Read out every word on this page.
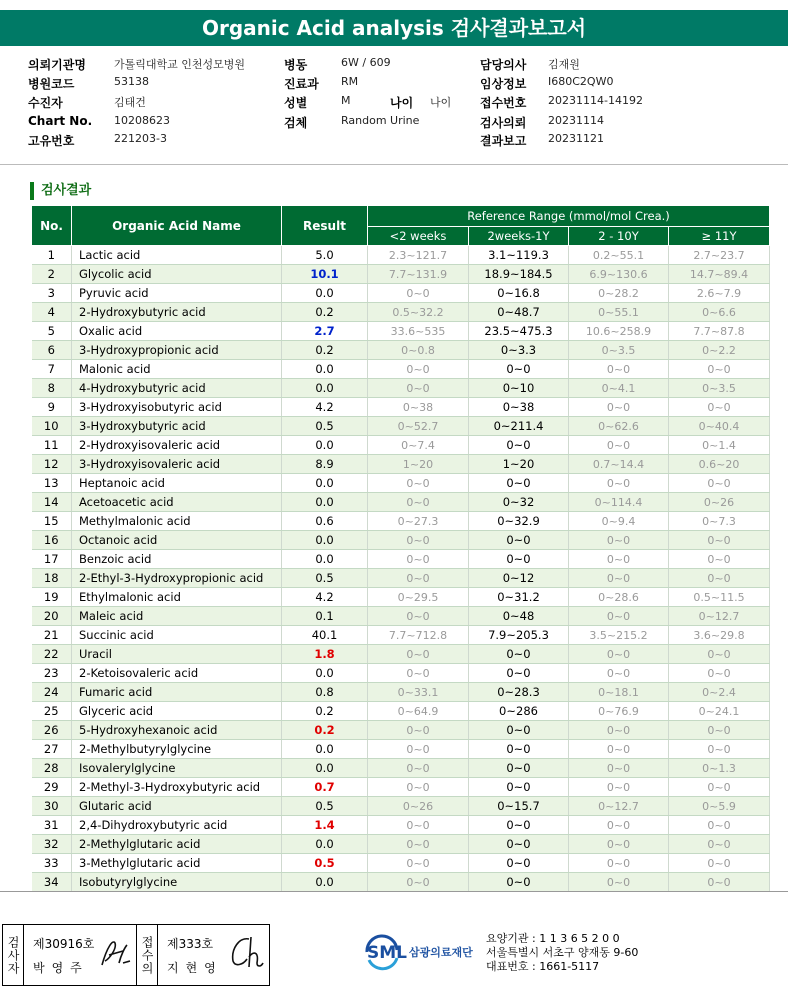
Organic Acid analysis 검사결과보고서
의뢰기관명	가톨릭대학교 인천성모병원	병동	6W / 609	담당의사 김재원
병원코드	53138	진료과 RM	임상정보 I680C2QW0
수진자	김태건	성별	M	나이 나이 접수번호 20231114-14192
Chart No. 10208623	검체	Random Urine	검사의뢰 20231114
고유번호	221203-3	결과보고 20231121
검사결과
No.	Organic Acid Name	Result	Reference Range (mmol/mol Crea.)			
			<2 weeks	2weeks-1Y	2 - 10Y	≥ 11Y
1	Lactic acid	5.0	2.3~121.7	3.1~119.3	0.2~55.1	2.7~23.7
2	Glycolic acid	10.1	7.7~131.9	18.9~184.5	6.9~130.6	14.7~89.4
3	Pyruvic acid	0.0	0~0	0~16.8	0~28.2	2.6~7.9
4	2-Hydroxybutyric acid	0.2	0.5~32.2	0~48.7	0~55.1	0~6.6
5	Oxalic acid	2.7	33.6~535	23.5~475.3	10.6~258.9	7.7~87.8
6	3-Hydroxypropionic acid	0.2	0~0.8	0~3.3	0~3.5	0~2.2
7	Malonic acid	0.0	0~0	0~0	0~0	0~0
8	4-Hydroxybutyric acid	0.0	0~0	0~10	0~4.1	0~3.5
9	3-Hydroxyisobutyric acid	4.2	0~38	0~38	0~0	0~0
10	3-Hydroxybutyric acid	0.5	0~52.7	0~211.4	0~62.6	0~40.4
11	2-Hydroxyisovaleric acid	0.0	0~7.4	0~0	0~0	0~1.4
12	3-Hydroxyisovaleric acid	8.9	1~20	1~20	0.7~14.4	0.6~20
13	Heptanoic acid	0.0	0~0	0~0	0~0	0~0
14	Acetoacetic acid	0.0	0~0	0~32	0~114.4	0~26
15	Methylmalonic acid	0.6	0~27.3	0~32.9	0~9.4	0~7.3
16	Octanoic acid	0.0	0~0	0~0	0~0	0~0
17	Benzoic acid	0.0	0~0	0~0	0~0	0~0
18	2-Ethyl-3-Hydroxypropionic acid	0.5	0~0	0~12	0~0	0~0
19	Ethylmalonic acid	4.2	0~29.5	0~31.2	0~28.6	0.5~11.5
20	Maleic acid	0.1	0~0	0~48	0~0	0~12.7
21	Succinic acid	40.1	7.7~712.8	7.9~205.3	3.5~215.2	3.6~29.8
22	Uracil	1.8	0~0	0~0	0~0	0~0
23	2-Ketoisovaleric acid	0.0	0~0	0~0	0~0	0~0
24	Fumaric acid	0.8	0~33.1	0~28.3	0~18.1	0~2.4
25	Glyceric acid	0.2	0~64.9	0~286	0~76.9	0~24.1
26	5-Hydroxyhexanoic acid	0.2	0~0	0~0	0~0	0~0
27	2-Methylbutyrylglycine	0.0	0~0	0~0	0~0	0~0
28	Isovalerylglycine	0.0	0~0	0~0	0~0	0~1.3
29	2-Methyl-3-Hydroxybutyric acid	0.7	0~0	0~0	0~0	0~0
30	Glutaric acid	0.5	0~26	0~15.7	0~12.7	0~5.9
31	2,4-Dihydroxybutyric acid	1.4	0~0	0~0	0~0	0~0
32	2-Methylglutaric acid	0.0	0~0	0~0	0~0	0~0
33	3-Methylglutaric acid	0.5	0~0	0~0	0~0	0~0
34	Isobutyrylglycine	0.0	0~0	0~0	0~0	0~0
검사자 제30916호
박영주	접수의 제333호
지현영
SML 삼광의료재단
요양기관 : 1 1 3 6 5 2 0 0
서울특별시 서초구 양재동 9-60
대표번호 : 1661-5117
